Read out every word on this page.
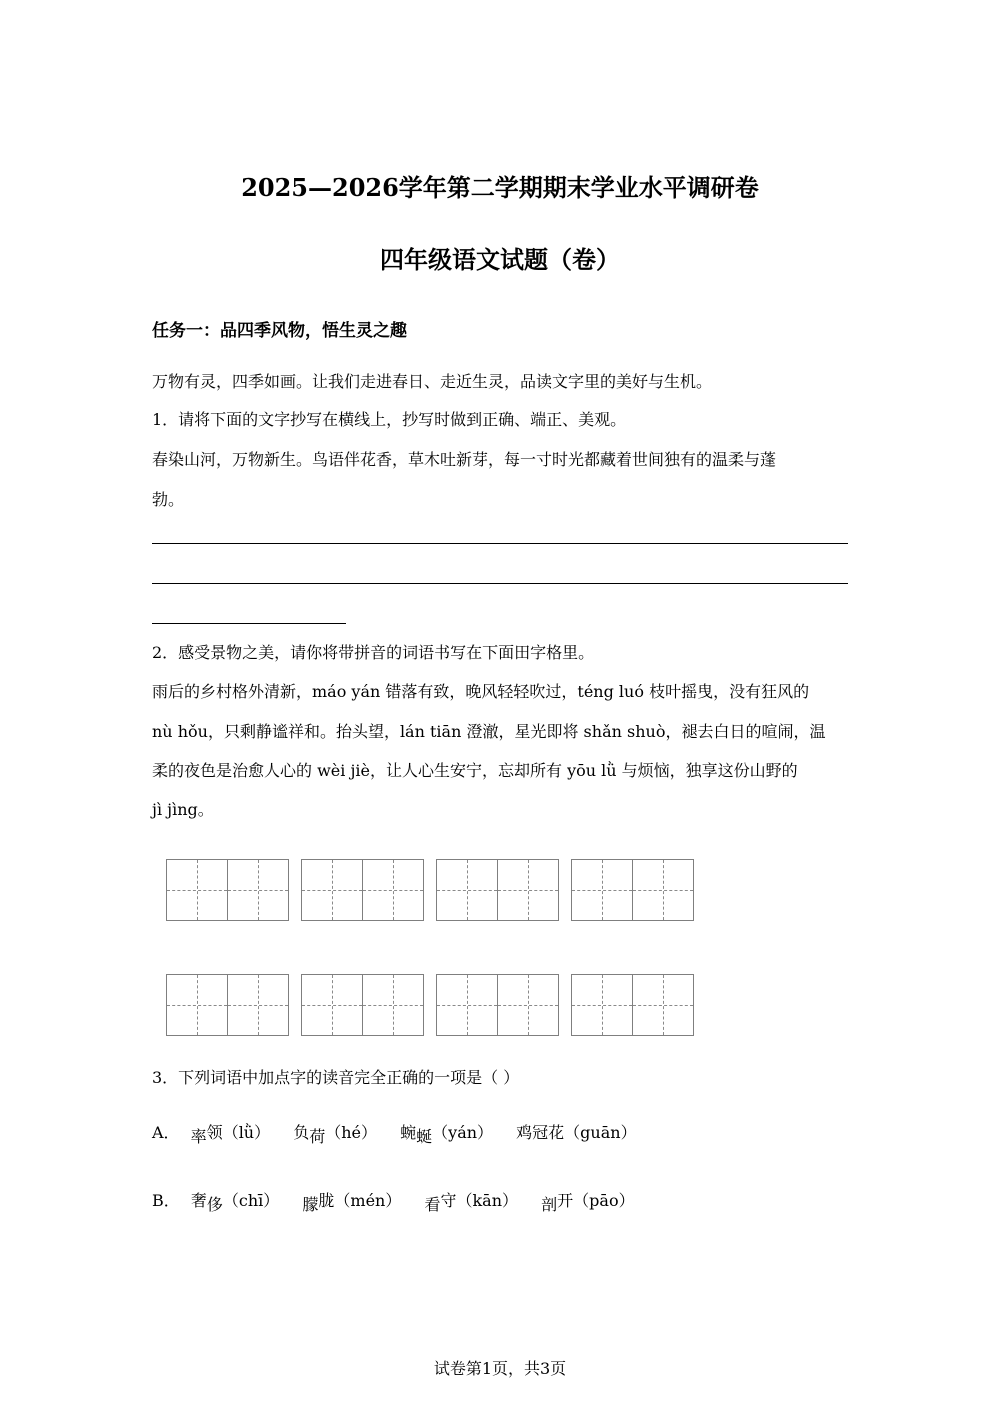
2025—2026学年第二学期期末学业水平调研卷
四年级语文试题（卷）
任务一：品四季风物，悟生灵之趣
万物有灵，四季如画。让我们走进春日、走近生灵，品读文字里的美好与生机。
1．请将下面的文字抄写在横线上，抄写时做到正确、端正、美观。
春染山河，万物新生。鸟语伴花香，草木吐新芽，每一寸时光都藏着世间独有的温柔与蓬
勃。
2．感受景物之美，请你将带拼音的词语书写在下面田字格里。
雨后的乡村格外清新，máo yán 错落有致，晚风轻轻吹过，téng luó 枝叶摇曳，没有狂风的
nù hǒu，只剩静谧祥和。抬头望，lán tiān 澄澈，星光即将 shǎn shuò，褪去白日的喧闹，温
柔的夜色是治愈人心的 wèi jiè，让人心生安宁，忘却所有 yōu lǜ 与烦恼，独享这份山野的
jì jìng。
3．下列词语中加点字的读音完全正确的一项是（ ）
A． 率领（lǜ） 负荷（hé） 蜿蜒（yán） 鸡冠花（guān）
B． 奢侈（chī） 朦胧（mén） 看守（kān） 剖开（pāo）
试卷第1页，共3页
